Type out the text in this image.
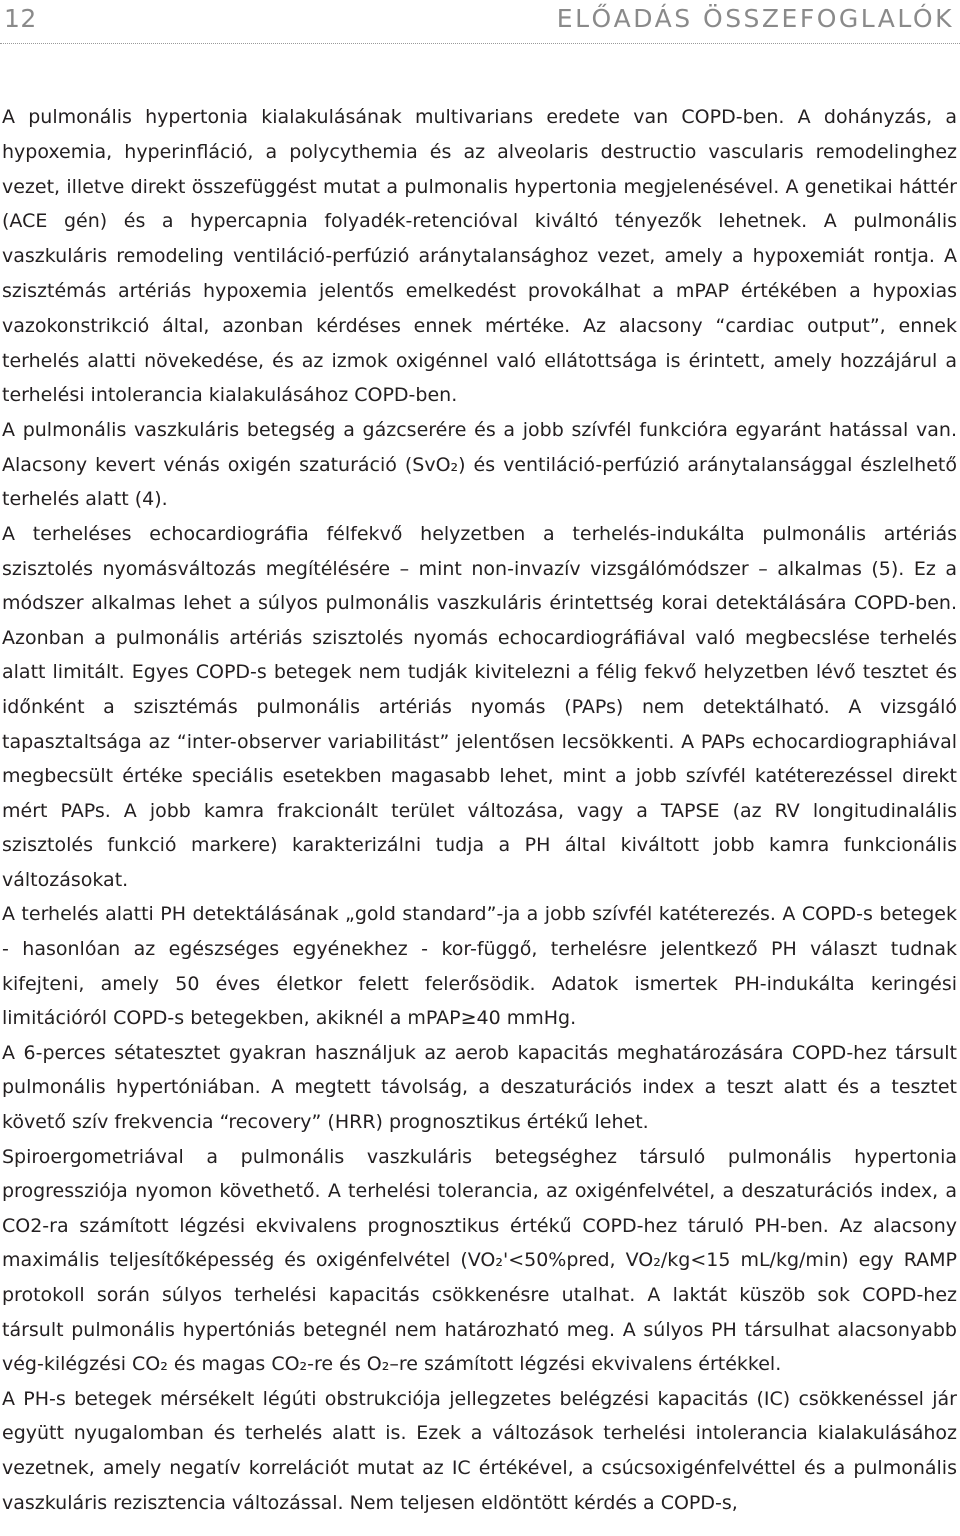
12	ELŐADÁS ÖSSZEFOGLALÓK

A pulmonális hypertonia kialakulásának multivarians eredete van COPD-ben. A dohányzás, a hypoxemia, hyperinfláció, a polycythemia és az alveolaris destructio vascularis remodelinghez vezet, illetve direkt összefüggést mutat a pulmonalis hypertonia megjelenésével. A genetikai háttér (ACE gén) és a hypercapnia folyadék-retencióval kiváltó tényezők lehetnek. A pulmonális vaszkuláris remodeling ventiláció-perfúzió aránytalansághoz vezet, amely a hypoxemiát rontja. A szisztémás artériás hypoxemia jelentős emelkedést provokálhat a mPAP értékében a hypoxias vazokonstrikció által, azonban kérdéses ennek mértéke. Az alacsony “cardiac output”, ennek terhelés alatti növekedése, és az izmok oxigénnel való ellátottsága is érintett, amely hozzájárul a terhelési intolerancia kialakulásához COPD-ben.

A pulmonális vaszkuláris betegség a gázcserére és a jobb szívfél funkcióra egyaránt hatással van. Alacsony kevert vénás oxigén szaturáció (SvO₂) és ventiláció-perfúzió aránytalansággal észlelhető terhelés alatt (4).

A terheléses echocardiográfia félfekvő helyzetben a terhelés-indukálta pulmonális artériás szisztolés nyomásváltozás megítélésére – mint non-invazív vizsgálómódszer – alkalmas (5). Ez a módszer alkalmas lehet a súlyos pulmonális vaszkuláris érintettség korai detektálására COPD-ben. Azonban a pulmonális artériás szisztolés nyomás echocardiográfiával való megbecslése terhelés alatt limitált. Egyes COPD-s betegek nem tudják kivitelezni a félig fekvő helyzetben lévő tesztet és időnként a szisztémás pulmonális artériás nyomás (PAPs) nem detektálható. A vizsgáló tapasztaltsága az “inter-observer variabilitást” jelentősen lecsökkenti. A PAPs echocardiographiával megbecsült értéke speciális esetekben magasabb lehet, mint a jobb szívfél katéterezéssel direkt mért PAPs. A jobb kamra frakcionált terület változása, vagy a TAPSE (az RV longitudinalális szisztolés funkció markere) karakterizálni tudja a PH által kiváltott jobb kamra funkcionális változásokat.

A terhelés alatti PH detektálásának „gold standard”-ja a jobb szívfél katéterezés. A COPD-s betegek - hasonlóan az egészséges egyénekhez - kor-függő, terhelésre jelentkező PH választ tudnak kifejteni, amely 50 éves életkor felett felerősödik. Adatok ismertek PH-indukálta keringési limitációról COPD-s betegekben, akiknél a mPAP≥40 mmHg.

A 6-perces sétatesztet gyakran használjuk az aerob kapacitás meghatározására COPD-hez társult pulmonális hypertóniában. A megtett távolság, a deszaturációs index a teszt alatt és a tesztet követő szív frekvencia “recovery” (HRR) prognosztikus értékű lehet.

Spiroergometriával a pulmonális vaszkuláris betegséghez társuló pulmonális hypertonia progressziója nyomon követhető. A terhelési tolerancia, az oxigénfelvétel, a deszaturációs index, a CO2-ra számított légzési ekvivalens prognosztikus értékű COPD-hez táruló PH-ben. Az alacsony maximális teljesítőképesség és oxigénfelvétel (VO₂'<50%pred, VO₂/kg<15 mL/kg/min) egy RAMP protokoll során súlyos terhelési kapacitás csökkenésre utalhat. A laktát küszöb sok COPD-hez társult pulmonális hypertóniás betegnél nem határozható meg. A súlyos PH társulhat alacsonyabb vég-kilégzési CO₂ és magas CO₂-re és O₂–re számított légzési ekvivalens értékkel.

A PH-s betegek mérsékelt légúti obstrukciója jellegzetes belégzési kapacitás (IC) csökkenéssel jár együtt nyugalomban és terhelés alatt is. Ezek a változások terhelési intolerancia kialakulásához vezetnek, amely negatív korrelációt mutat az IC értékével, a csúcsoxigénfelvéttel és a pulmonális vaszkuláris rezisztencia változással. Nem teljesen eldöntött kérdés a COPD-s,
